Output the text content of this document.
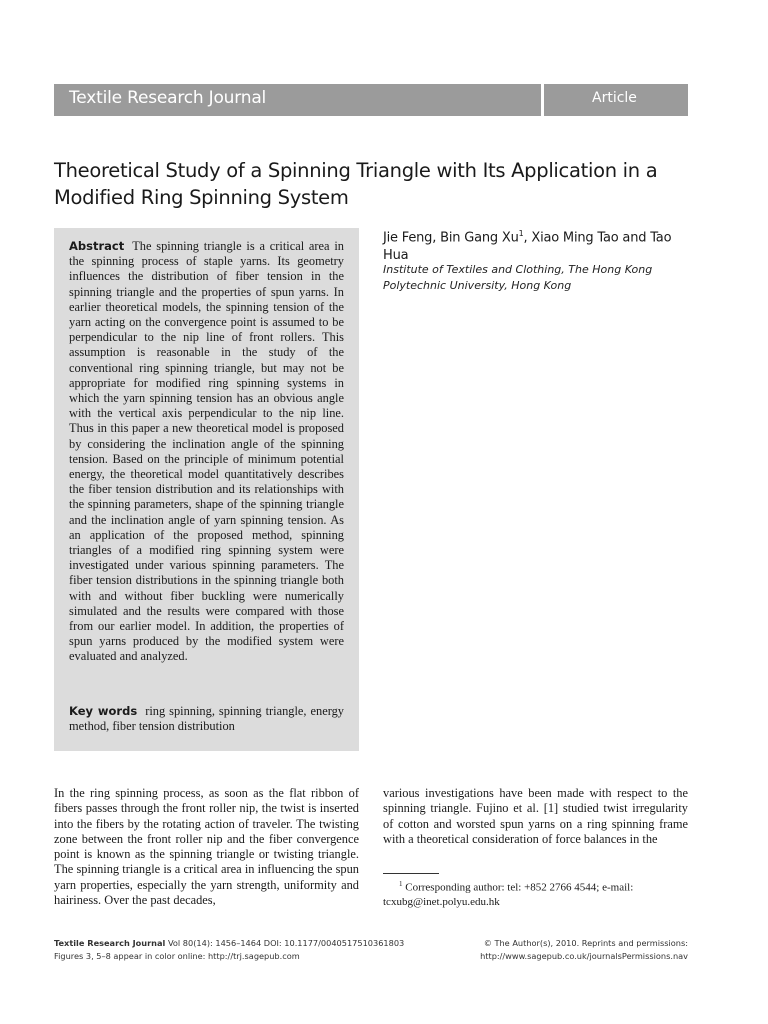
Textile Research Journal	Article
Theoretical Study of a Spinning Triangle with Its Application in a Modified Ring Spinning System
Jie Feng, Bin Gang Xu$^1$, Xiao Ming Tao and Tao Hua
Institute of Textiles and Clothing, The Hong Kong Polytechnic University, Hong Kong
Abstract The spinning triangle is a critical area in the spinning process of staple yarns. Its geometry influences the distribution of fiber tension in the spinning triangle and the properties of spun yarns. In earlier theoretical models, the spinning tension of the yarn acting on the convergence point is assumed to be perpendicular to the nip line of front rollers. This assumption is reasonable in the study of the conventional ring spinning triangle, but may not be appropriate for modified ring spinning systems in which the yarn spinning tension has an obvious angle with the vertical axis perpendicular to the nip line. Thus in this paper a new theoretical model is proposed by considering the inclination angle of the spinning tension. Based on the principle of minimum potential energy, the theoretical model quantitatively describes the fiber tension distribution and its relationships with the spinning parameters, shape of the spinning triangle and the inclination angle of yarn spinning tension. As an application of the proposed method, spinning triangles of a modified ring spinning system were investigated under various spinning parameters. The fiber tension distributions in the spinning triangle both with and without fiber buckling were numerically simulated and the results were compared with those from our earlier model. In addition, the properties of spun yarns produced by the modified system were evaluated and analyzed.
Key words ring spinning, spinning triangle, energy method, fiber tension distribution

In the ring spinning process, as soon as the flat ribbon of fibers passes through the front roller nip, the twist is inserted into the fibers by the rotating action of traveler. The twisting zone between the front roller nip and the fiber convergence point is known as the spinning triangle or twisting triangle. The spinning triangle is a critical area in influencing the spun yarn properties, especially the yarn strength, uniformity and hairiness. Over the past decades,

various investigations have been made with respect to the spinning triangle. Fujino et al. [1] studied twist irregularity of cotton and worsted spun yarns on a ring spinning frame with a theoretical consideration of force balances in the

$^1$ Corresponding author: tel: +852 2766 4544; e-mail: tcxubg@inet.polyu.edu.hk

Textile Research Journal Vol 80(14): 1456–1464 DOI: 10.1177/0040517510361803
Figures 3, 5–8 appear in color online: http://trj.sagepub.com
© The Author(s), 2010. Reprints and permissions:
http://www.sagepub.co.uk/journalsPermissions.nav
